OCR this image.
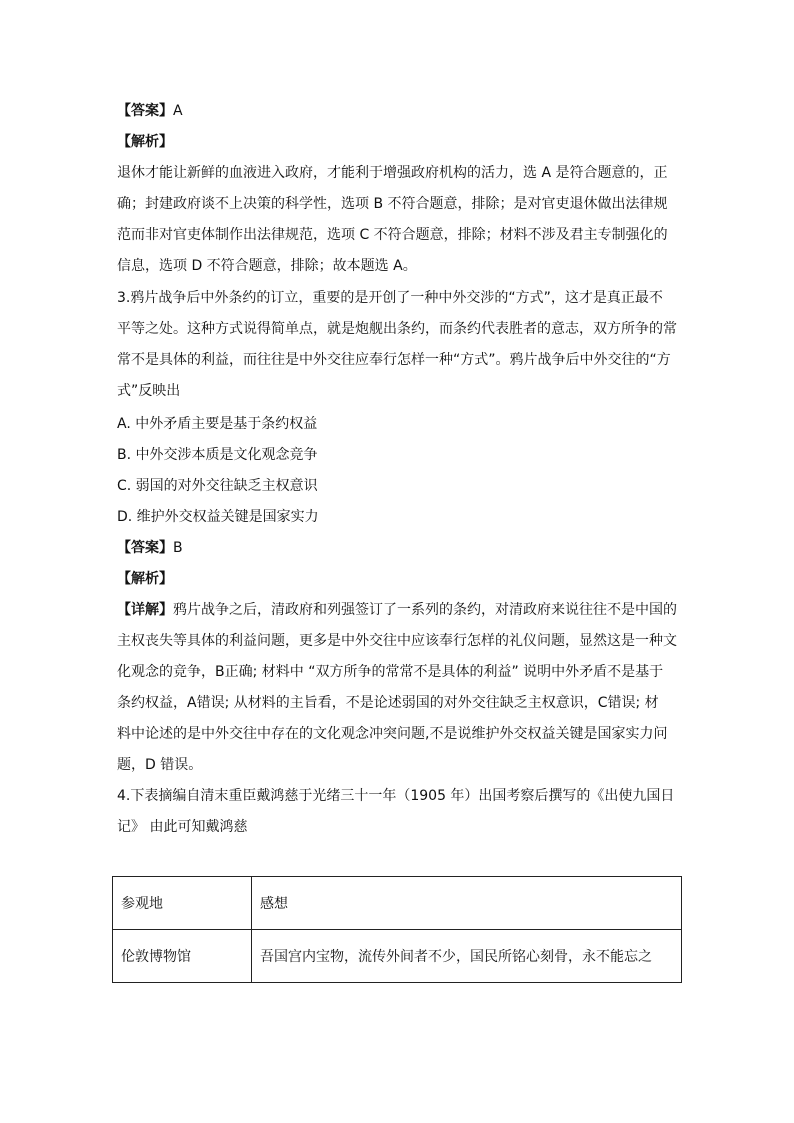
【答案】A
【解析】
退休才能让新鲜的血液进入政府，才能利于增强政府机构的活力，选 A 是符合题意的，正
确；封建政府谈不上决策的科学性，选项 B 不符合题意，排除；是对官吏退休做出法律规
范而非对官吏体制作出法律规范，选项 C 不符合题意，排除；材料不涉及君主专制强化的
信息，选项 D 不符合题意，排除；故本题选 A。
3.鸦片战争后中外条约的订立，重要的是开创了一种中外交涉的“方式”，这才是真正最不
平等之处。这种方式说得简单点，就是炮舰出条约，而条约代表胜者的意志，双方所争的常
常不是具体的利益，而往往是中外交往应奉行怎样一种“方式”。鸦片战争后中外交往的“方
式”反映出
A. 中外矛盾主要是基于条约权益
B. 中外交涉本质是文化观念竞争
C. 弱国的对外交往缺乏主权意识
D. 维护外交权益关键是国家实力
【答案】B
【解析】
【详解】鸦片战争之后，清政府和列强签订了一系列的条约，对清政府来说往往不是中国的
主权丧失等具体的利益问题，更多是中外交往中应该奉行怎样的礼仪问题，显然这是一种文
化观念的竞争，B正确; 材料中 “双方所争的常常不是具体的利益” 说明中外矛盾不是基于
条约权益，A错误; 从材料的主旨看，不是论述弱国的对外交往缺乏主权意识，C错误; 材
料中论述的是中外交往中存在的文化观念冲突问题,不是说维护外交权益关键是国家实力问
题，D 错误。
4.下表摘编自清末重臣戴鸿慈于光绪三十一年（1905 年）出国考察后撰写的《出使九国日
记》 由此可知戴鸿慈
参观地	感想
伦敦博物馆	吾国宫内宝物，流传外间者不少，国民所铭心刻骨，永不能忘之
